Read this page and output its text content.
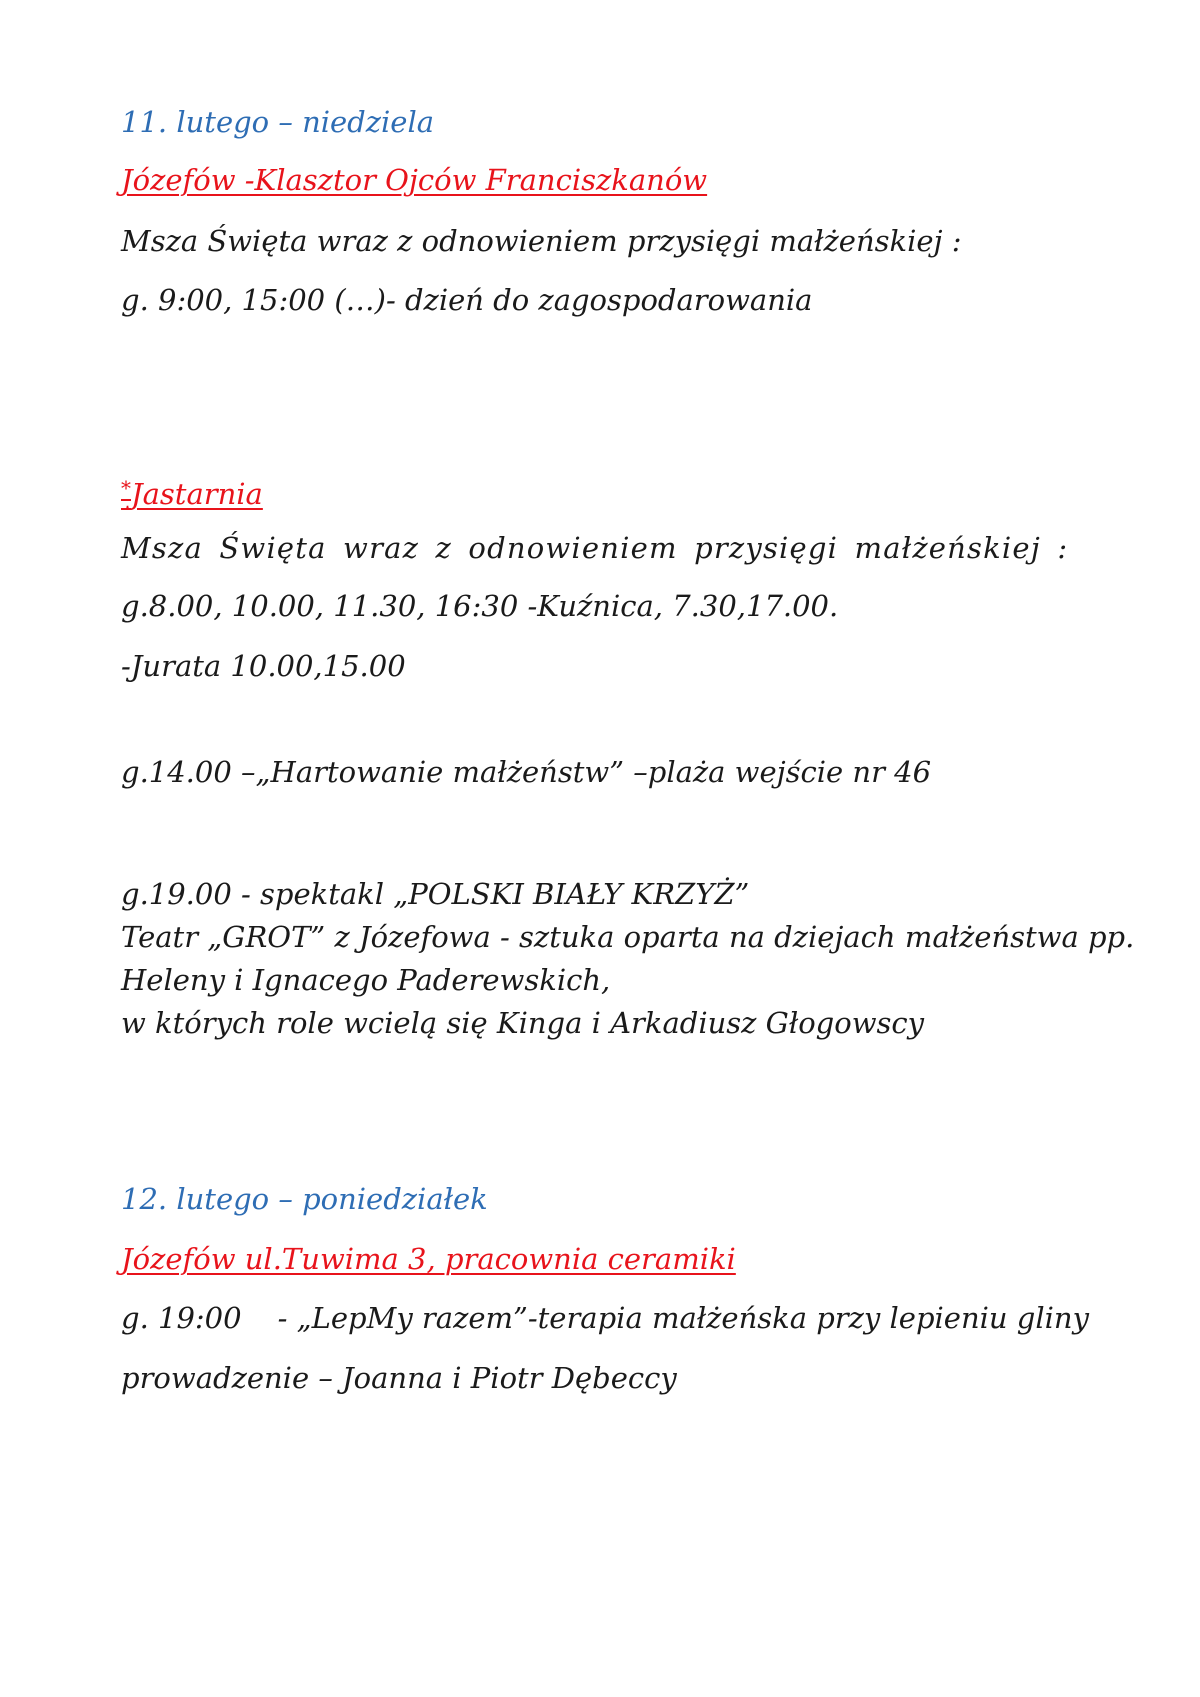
11. lutego – niedziela
Józefów -Klasztor Ojców Franciszkanów
Msza Święta wraz z odnowieniem przysięgi małżeńskiej :
g. 9:00, 15:00 (…)- dzień do zagospodarowania
*Jastarnia
Msza Święta wraz z odnowieniem przysięgi małżeńskiej :
g.8.00, 10.00, 11.30, 16:30 -Kuźnica, 7.30,17.00.
-Jurata 10.00,15.00
g.14.00 –„Hartowanie małżeństw” –plaża wejście nr 46
g.19.00 - spektakl „POLSKI BIAŁY KRZYŻ”
Teatr „GROT” z Józefowa - sztuka oparta na dziejach małżeństwa pp.
Heleny i Ignacego Paderewskich,
w których role wcielą się Kinga i Arkadiusz Głogowscy
12. lutego – poniedziałek
Józefów ul.Tuwima 3, pracownia ceramiki
g. 19:00 - „LepMy razem”-terapia małżeńska przy lepieniu gliny
prowadzenie – Joanna i Piotr Dębeccy
